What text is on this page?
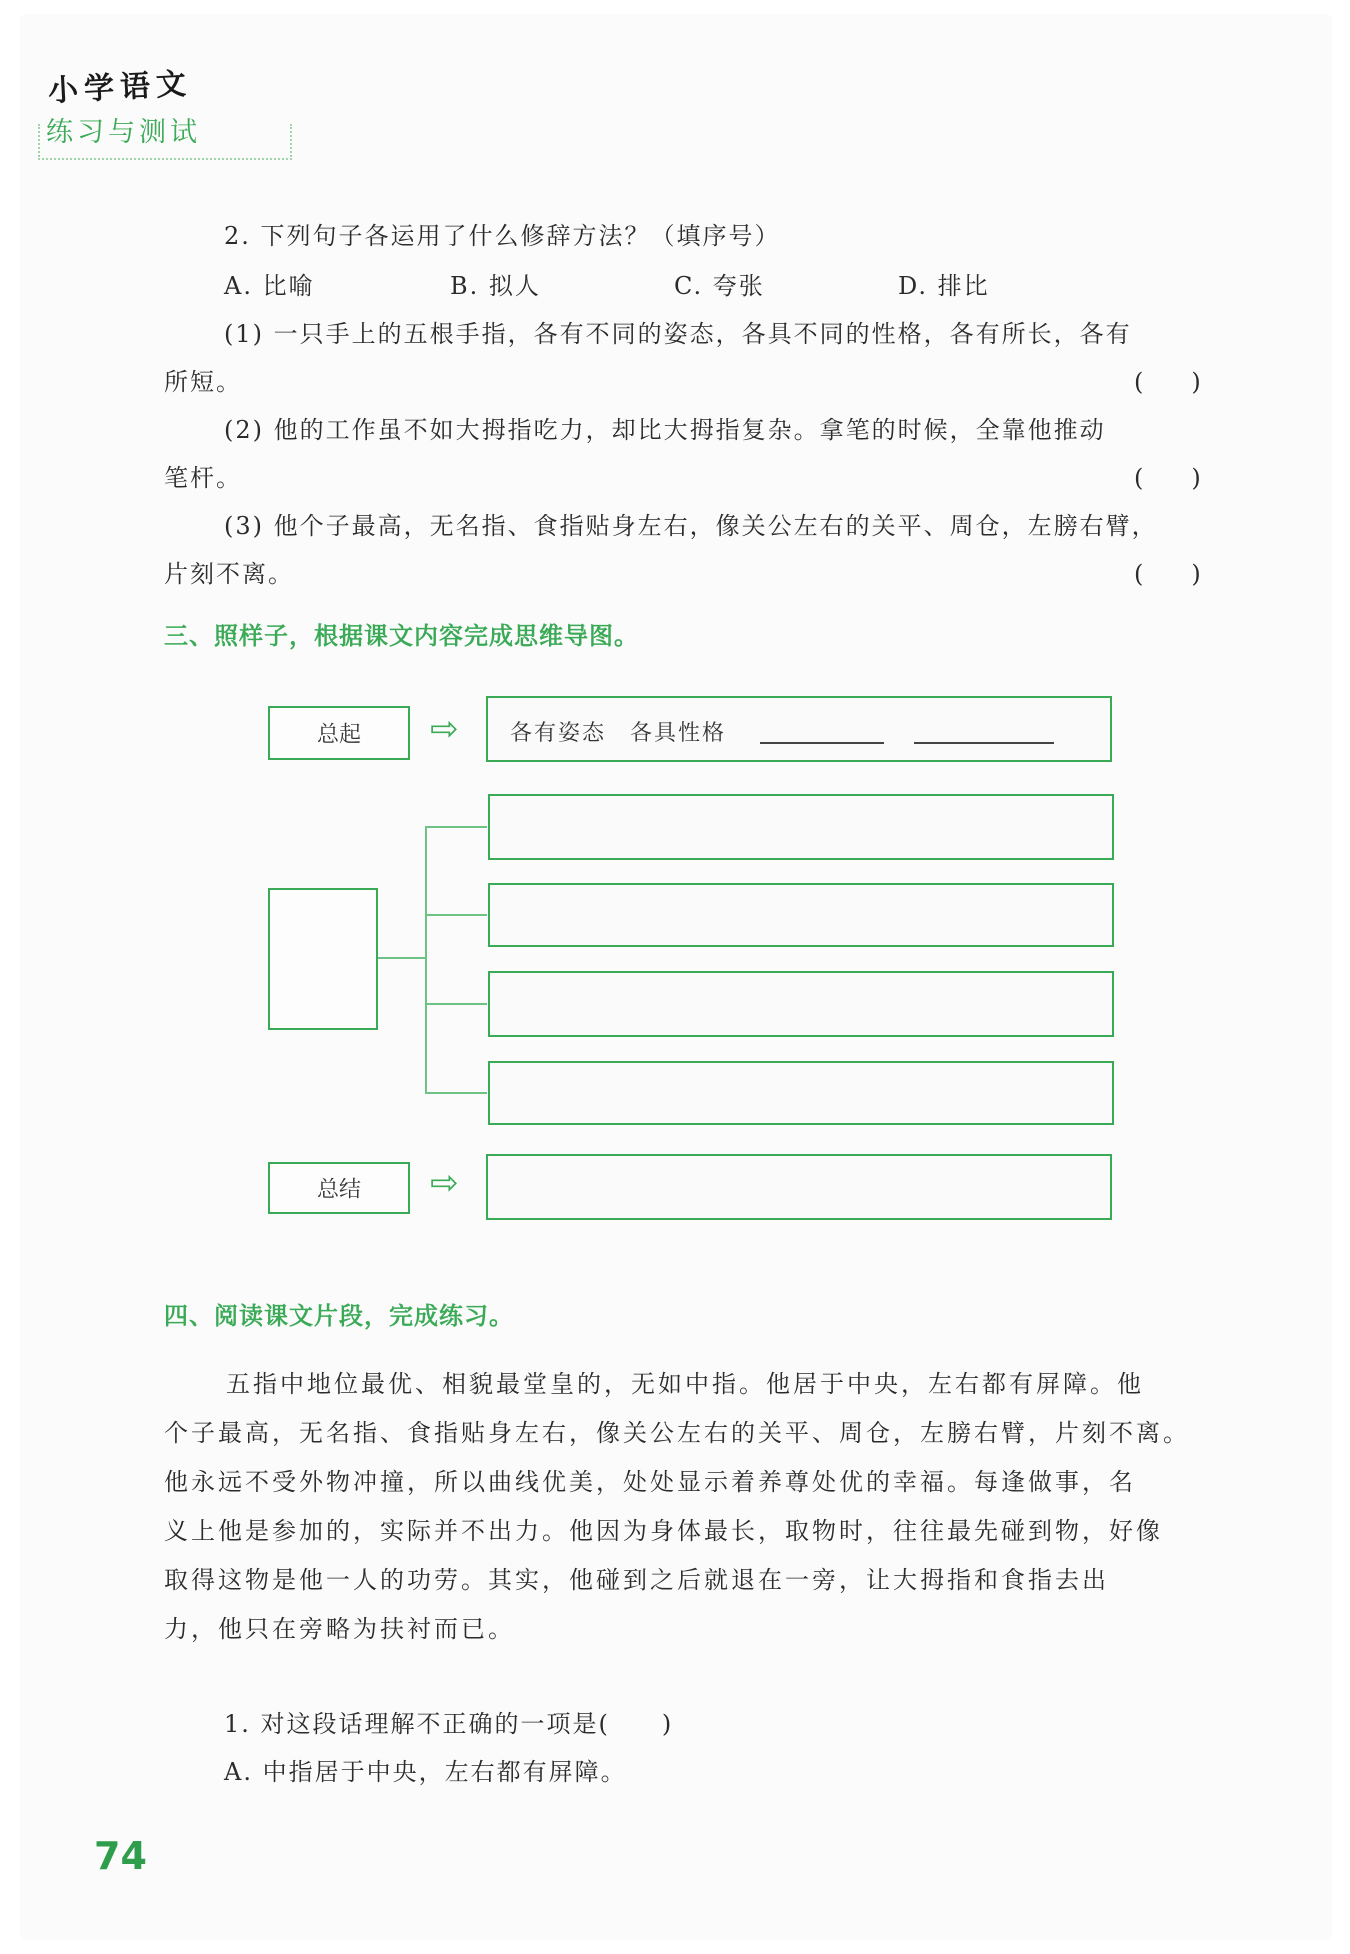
小学语文
练习与测试
2. 下列句子各运用了什么修辞方法？（填序号）
A. 比喻	B. 拟人	C. 夸张	D. 排比
(1) 一只手上的五根手指，各有不同的姿态，各具不同的性格，各有所长，各有
所短。	(　　)
(2) 他的工作虽不如大拇指吃力，却比大拇指复杂。拿笔的时候，全靠他推动
笔杆。	(　　)
(3) 他个子最高，无名指、食指贴身左右，像关公左右的关平、周仓，左膀右臂，
片刻不离。	(　　)
三、照样子，根据课文内容完成思维导图。
总起	⇨ 各有姿态　各具性格
总结	⇨
四、阅读课文片段，完成练习。
五指中地位最优、相貌最堂皇的，无如中指。他居于中央，左右都有屏障。他
个子最高，无名指、食指贴身左右，像关公左右的关平、周仓，左膀右臂，片刻不离。
他永远不受外物冲撞，所以曲线优美，处处显示着养尊处优的幸福。每逢做事，名
义上他是参加的，实际并不出力。他因为身体最长，取物时，往往最先碰到物，好像
取得这物是他一人的功劳。其实，他碰到之后就退在一旁，让大拇指和食指去出
力，他只在旁略为扶衬而已。
1. 对这段话理解不正确的一项是(　　)
A. 中指居于中央，左右都有屏障。
74
